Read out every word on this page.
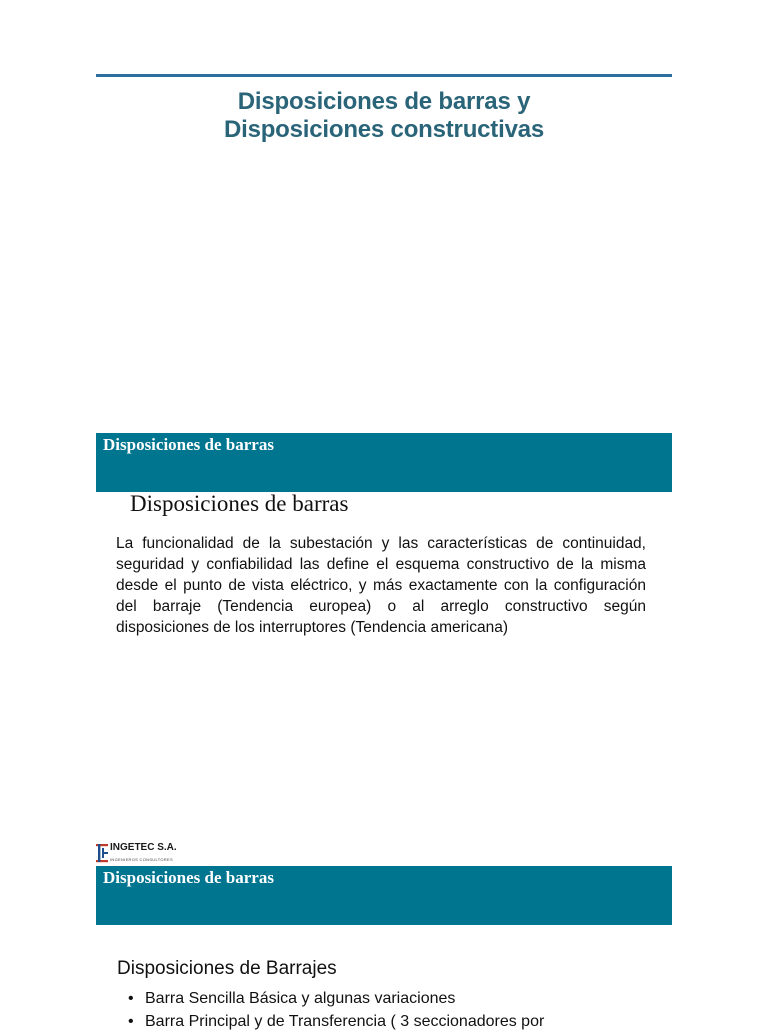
Disposiciones de barras y
Disposiciones constructivas
Disposiciones de barras
Disposiciones de barras
La funcionalidad de la subestación y las características de continuidad, seguridad y confiabilidad las define el esquema constructivo de la misma desde el punto de vista eléctrico, y más exactamente con la configuración del barraje (Tendencia europea) o al arreglo constructivo según disposiciones de los interruptores (Tendencia americana)
INGETEC S.A.
INGENIEROS CONSULTORES
Disposiciones de barras
Disposiciones de Barrajes
• Barra Sencilla Básica y algunas variaciones
• Barra Principal y de Transferencia ( 3 seccionadores por
